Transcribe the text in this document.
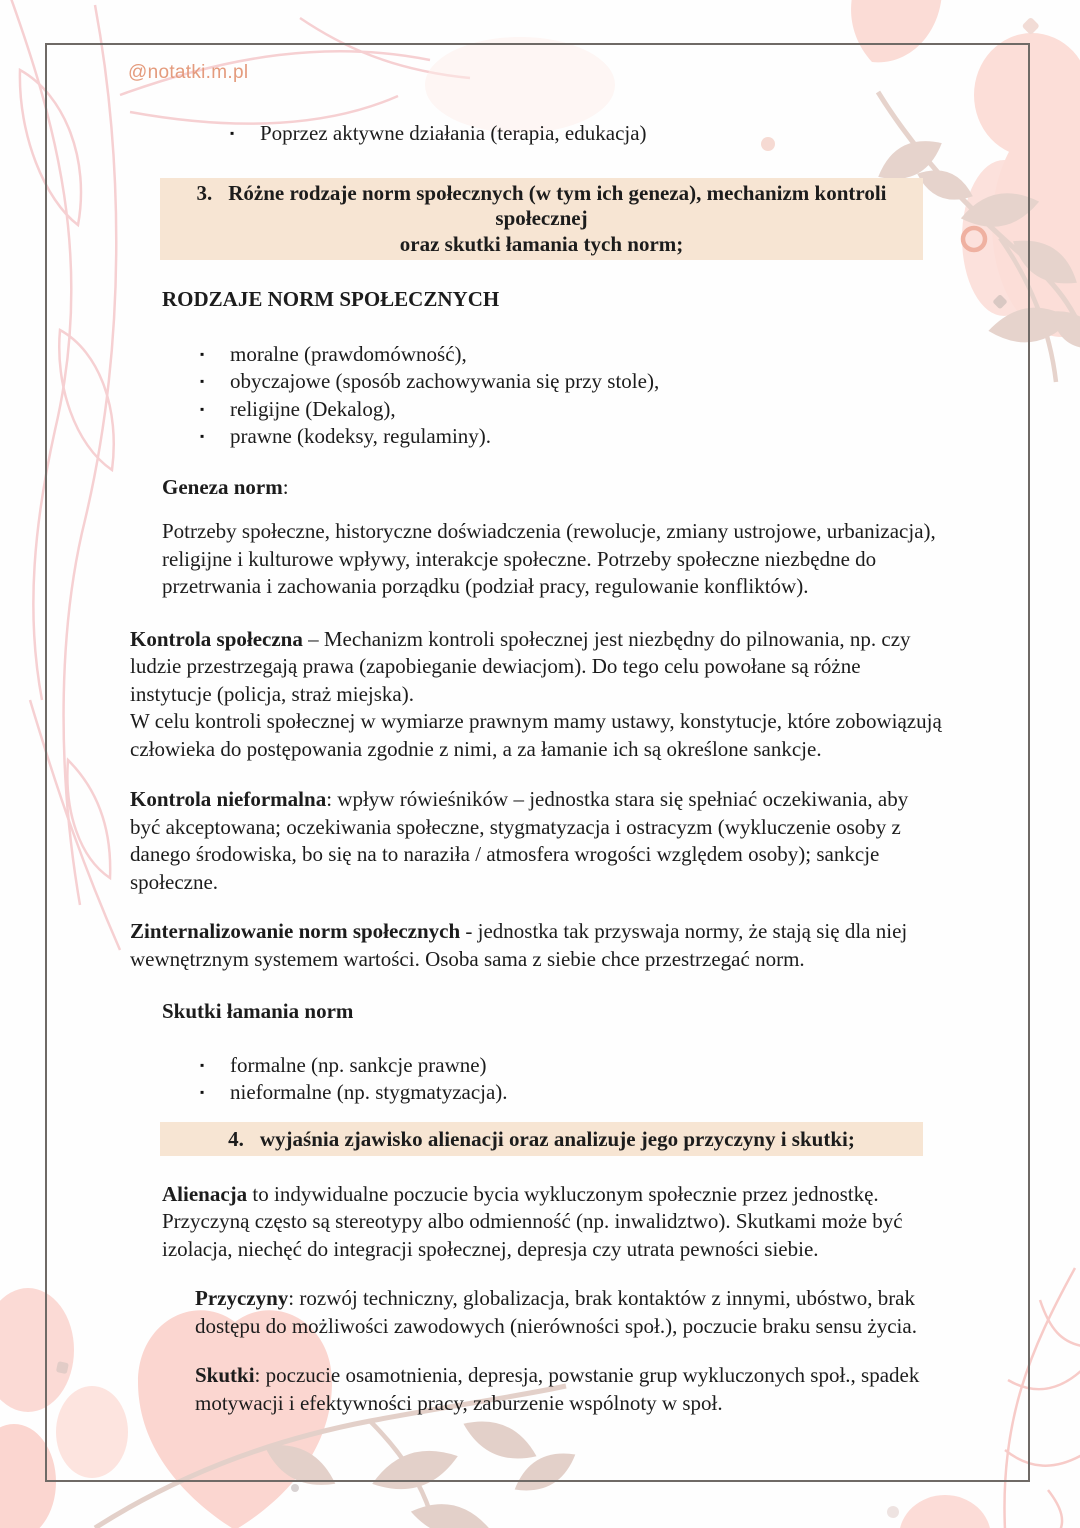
@notatki.m.pl
▪	Poprzez aktywne działania (terapia, edukacja)
3. Różne rodzaje norm społecznych (w tym ich geneza), mechanizm kontroli społecznej
oraz skutki łamania tych norm;
RODZAJE NORM SPOŁECZNYCH
▪	moralne (prawdomówność),
▪	obyczajowe (sposób zachowywania się przy stole),
▪	religijne (Dekalog),
▪	prawne (kodeksy, regulaminy).
Geneza norm:

Potrzeby społeczne, historyczne doświadczenia (rewolucje, zmiany ustrojowe, urbanizacja), religijne i kulturowe wpływy, interakcje społeczne. Potrzeby społeczne niezbędne do przetrwania i zachowania porządku (podział pracy, regulowanie konfliktów).

Kontrola społeczna – Mechanizm kontroli społecznej jest niezbędny do pilnowania, np. czy ludzie przestrzegają prawa (zapobieganie dewiacjom). Do tego celu powołane są różne instytucje (policja, straż miejska).

W celu kontroli społecznej w wymiarze prawnym mamy ustawy, konstytucje, które zobowiązują człowieka do postępowania zgodnie z nimi, a za łamanie ich są określone sankcje.

Kontrola nieformalna: wpływ rówieśników – jednostka stara się spełniać oczekiwania, aby być akceptowana; oczekiwania społeczne, stygmatyzacja i ostracyzm (wykluczenie osoby z danego środowiska, bo się na to naraziła / atmosfera wrogości względem osoby); sankcje społeczne.

Zinternalizowanie norm społecznych - jednostka tak przyswaja normy, że stają się dla niej wewnętrznym systemem wartości. Osoba sama z siebie chce przestrzegać norm.

Skutki łamania norm
▪	formalne (np. sankcje prawne)
▪	nieformalne (np. stygmatyzacja).
4. wyjaśnia zjawisko alienacji oraz analizuje jego przyczyny i skutki;

Alienacja to indywidualne poczucie bycia wykluczonym społecznie przez jednostkę. Przyczyną często są stereotypy albo odmienność (np. inwalidztwo). Skutkami może być izolacja, niechęć do integracji społecznej, depresja czy utrata pewności siebie.

Przyczyny: rozwój techniczny, globalizacja, brak kontaktów z innymi, ubóstwo, brak dostępu do możliwości zawodowych (nierówności społ.), poczucie braku sensu życia.

Skutki: poczucie osamotnienia, depresja, powstanie grup wykluczonych społ., spadek motywacji i efektywności pracy, zaburzenie wspólnoty w społ.
